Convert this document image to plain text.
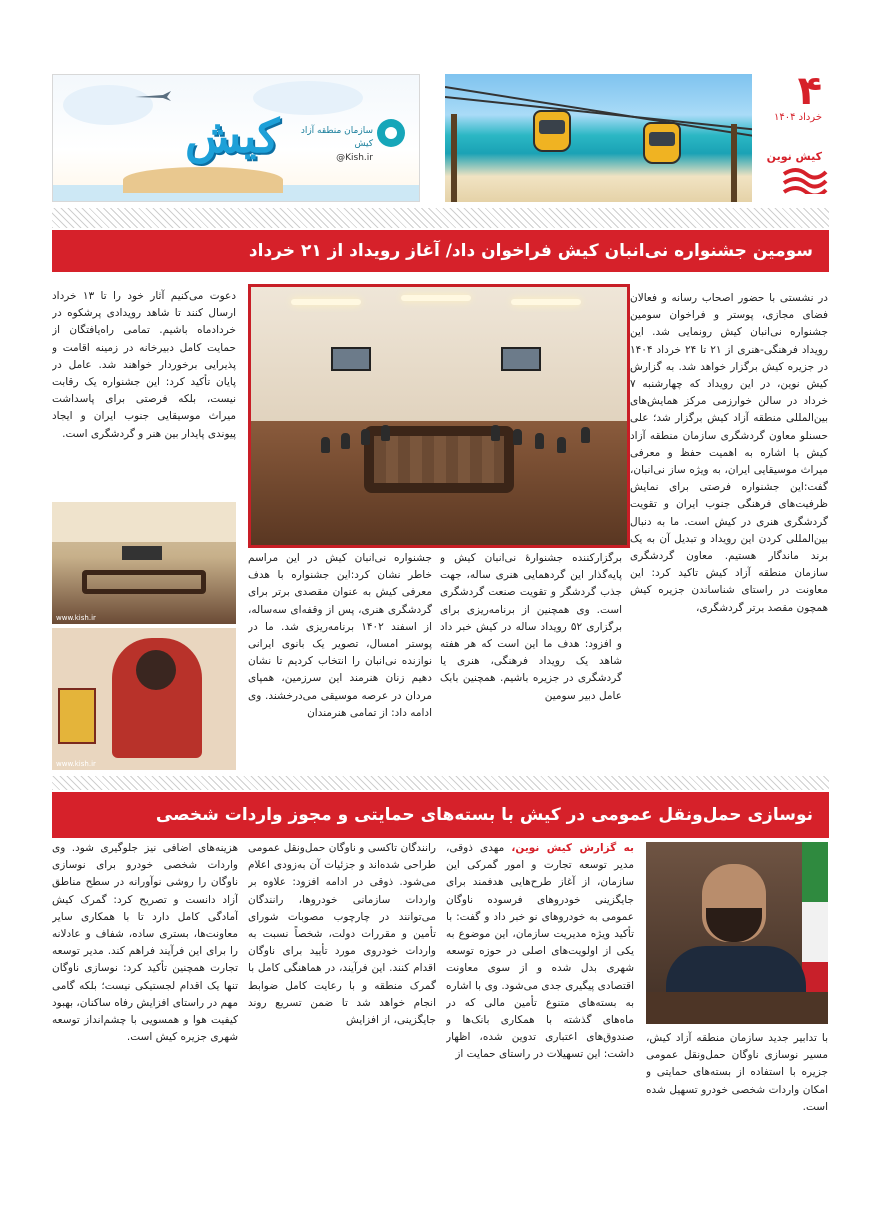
کیش	سازمان منطقه آزاد کیش
@Kish.ir
۴
خرداد ۱۴۰۴
کیش نوین
سومین جشنواره نی‌انبان کیش فراخوان داد/ آغاز رویداد از ۲۱ خرداد
در نشستی با حضور اصحاب رسانه و فعالان فضای مجازی، پوستر و فراخوان سومین جشنواره نی‌انبان کیش رونمایی شد. این رویداد فرهنگی-هنری از ۲۱ تا ۲۴ خرداد ۱۴۰۴ در جزیره کیش برگزار خواهد شد. به گزارش کیش نوین، در این رویداد که چهارشنبه ۷ خرداد در سالن خوارزمی مرکز همایش‌های بین‌المللی منطقه آزاد کیش برگزار شد؛ علی حسنلو معاون گردشگری سازمان منطقه آزاد کیش با اشاره به اهمیت حفظ و معرفی میراث موسیقایی ایران، به ویژه ساز نی‌انبان، گفت:این جشنواره فرصتی برای نمایش ظرفیت‌های فرهنگی جنوب ایران و تقویت گردشگری هنری در کیش است. ما به دنبال بین‌المللی کردن این رویداد و تبدیل آن به یک برند ماندگار هستیم. معاون گردشگری سازمان منطقه آزاد کیش تاکید کرد: این معاونت در راستای شناساندن جزیره کیش همچون مقصد برتر گردشگری،
برگزارکننده جشنوارهٔ نی‌انبان کیش و پایه‌گذار این گردهمایی هنری ساله، جهت جذب گردشگر و تقویت صنعت گردشگری است. وی همچنین از برنامه‌ریزی برای برگزاری ۵۲ رویداد ساله در کیش خبر داد و افزود: هدف ما این است که هر هفته شاهد یک رویداد فرهنگی، هنری یا گردشگری در جزیره باشیم. همچنین بابک عامل دبیر سومین
جشنواره نی‌انبان کیش در این مراسم خاطر نشان کرد:این جشنواره با هدف معرفی کیش به عنوان مقصدی برتر برای گردشگری هنری، پس از وقفه‌ای سه‌ساله، از اسفند ۱۴۰۲ برنامه‌ریزی شد. ما در پوستر امسال، تصویر یک بانوی ایرانی نوازنده نی‌انبان را انتخاب کردیم تا نشان دهیم زنان هنرمند این سرزمین، همپای مردان در عرصه موسیقی می‌درخشند. وی ادامه داد: از تمامی هنرمندان
دعوت می‌کنیم آثار خود را تا ۱۳ خرداد ارسال کنند تا شاهد رویدادی پرشکوه در خردادماه باشیم. تمامی راه‌یافتگان از حمایت کامل دبیرخانه در زمینه اقامت و پذیرایی برخوردار خواهند شد. عامل در پایان تأکید کرد: این جشنواره یک رقابت نیست، بلکه فرصتی برای پاسداشت میراث موسیقایی جنوب ایران و ایجاد پیوندی پایدار بین هنر و گردشگری است.
www.kish.ir
www.kish.ir
نوسازی حمل‌ونقل عمومی در کیش با بسته‌های حمایتی و مجوز واردات شخصی
با تدابیر جدید سازمان منطقه آزاد کیش، مسیر نوسازی ناوگان حمل‌ونقل عمومی جزیره با استفاده از بسته‌های حمایتی و امکان واردات شخصی خودرو تسهیل شده است.
به گزارش کیش نوین، مهدی ذوقی، مدیر توسعه تجارت و امور گمرکی این سازمان، از آغاز طرح‌هایی هدفمند برای جایگزینی خودروهای فرسوده ناوگان عمومی به خودروهای نو خبر داد و گفت: با تأکید ویژه مدیریت سازمان، این موضوع به یکی از اولویت‌های اصلی در حوزه توسعه شهری بدل شده و از سوی معاونت اقتصادی پیگیری جدی می‌شود. وی با اشاره به بسته‌های متنوع تأمین مالی که در ماه‌های گذشته با همکاری بانک‌ها و صندوق‌های اعتباری تدوین شده، اظهار داشت: این تسهیلات در راستای حمایت از
رانندگان تاکسی و ناوگان حمل‌ونقل عمومی طراحی شده‌اند و جزئیات آن به‌زودی اعلام می‌شود. ذوقی در ادامه افزود: علاوه بر واردات سازمانی خودروها، رانندگان می‌توانند در چارچوب مصوبات شورای تأمین و مقررات دولت، شخصاً نسبت به واردات خودروی مورد تأیید برای ناوگان اقدام کنند. این فرآیند، در هماهنگی کامل با گمرک منطقه و با رعایت کامل ضوابط انجام خواهد شد تا ضمن تسریع روند جایگزینی، از افزایش
هزینه‌های اضافی نیز جلوگیری شود. وی واردات شخصی خودرو برای نوسازی ناوگان را روشی نوآورانه در سطح مناطق آزاد دانست و تصریح کرد: گمرک کیش آمادگی کامل دارد تا با همکاری سایر معاونت‌ها، بستری ساده، شفاف و عادلانه را برای این فرآیند فراهم کند. مدیر توسعه تجارت همچنین تأکید کرد: نوسازی ناوگان تنها یک اقدام لجستیکی نیست؛ بلکه گامی مهم در راستای افزایش رفاه ساکنان، بهبود کیفیت هوا و همسویی با چشم‌انداز توسعه شهری جزیره کیش است.
